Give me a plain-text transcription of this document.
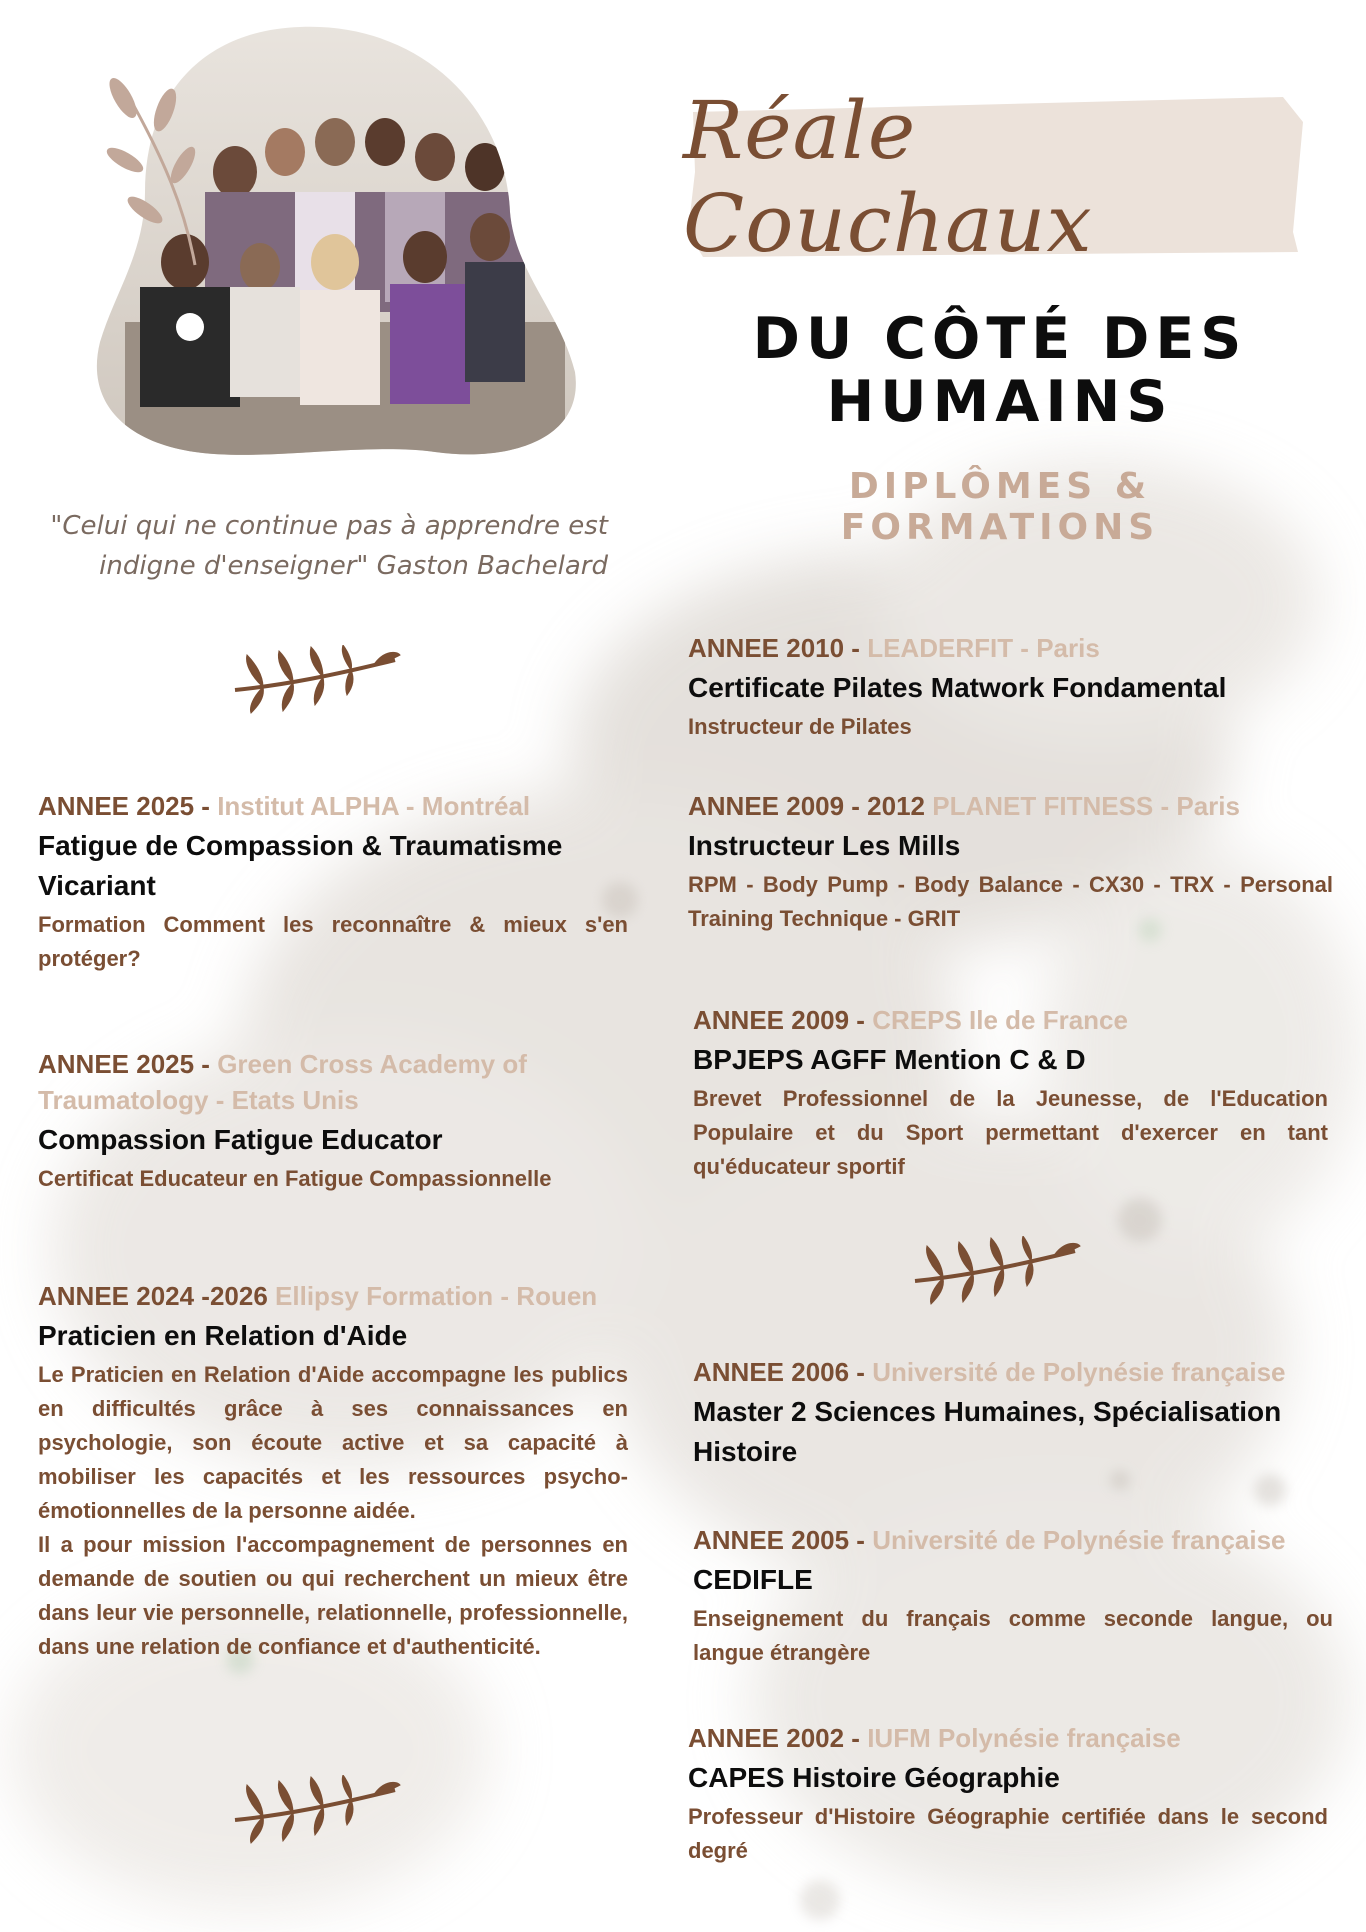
Réale Couchaux
DU CÔTÉ DES HUMAINS
DIPLÔMES & FORMATIONS
"Celui qui ne continue pas à apprendre est indigne d'enseigner" Gaston Bachelard
ANNEE 2025 - Institut ALPHA - Montréal
Fatigue de Compassion & Traumatisme Vicariant
Formation Comment les reconnaître & mieux s'en protéger?
ANNEE 2025 - Green Cross Academy of Traumatology - Etats Unis
Compassion Fatigue Educator
Certificat Educateur en Fatigue Compassionnelle
ANNEE 2024 -2026 Ellipsy Formation - Rouen
Praticien en Relation d'Aide
Le Praticien en Relation d'Aide accompagne les publics en difficultés grâce à ses connaissances en psychologie, son écoute active et sa capacité à mobiliser les capacités et les ressources psycho-émotionnelles de la personne aidée.
Il a pour mission l'accompagnement de personnes en demande de soutien ou qui recherchent un mieux être dans leur vie personnelle, relationnelle, professionnelle, dans une relation de confiance et d'authenticité.
ANNEE 2010 - LEADERFIT - Paris
Certificate Pilates Matwork Fondamental
Instructeur de Pilates
ANNEE 2009 - 2012 PLANET FITNESS - Paris
Instructeur Les Mills
RPM - Body Pump - Body Balance - CX30 - TRX - Personal Training Technique - GRIT
ANNEE 2009 - CREPS Ile de France
BPJEPS AGFF Mention C & D
Brevet Professionnel de la Jeunesse, de l'Education Populaire et du Sport permettant d'exercer en tant qu'éducateur sportif
ANNEE 2006 - Université de Polynésie française
Master 2 Sciences Humaines, Spécialisation Histoire
ANNEE 2005 - Université de Polynésie française
CEDIFLE
Enseignement du français comme seconde langue, ou langue étrangère
ANNEE 2002 - IUFM Polynésie française
CAPES Histoire Géographie
Professeur d'Histoire Géographie certifiée dans le second degré
